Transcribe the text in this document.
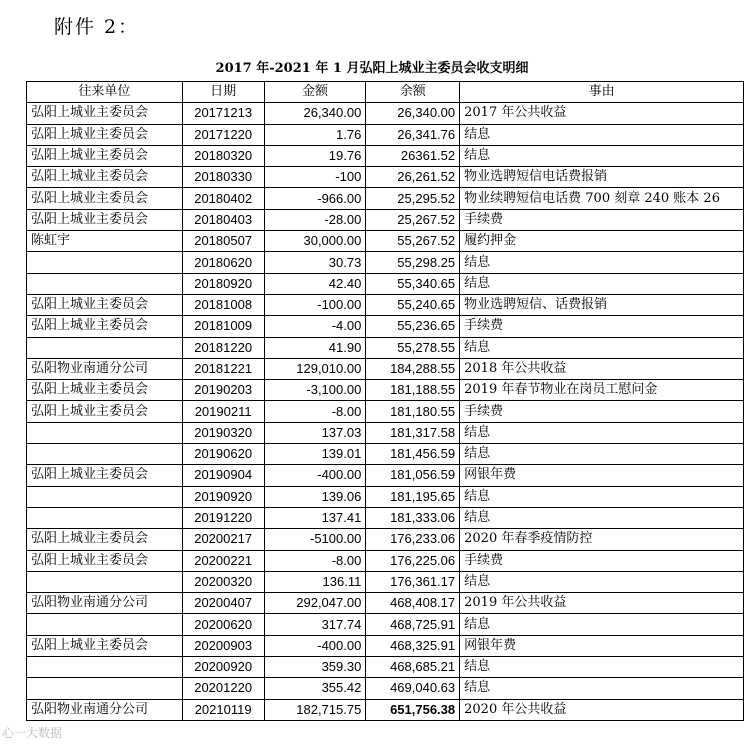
附件 2：
2017 年-2021 年 1 月弘阳上城业主委员会收支明细
往来单位	日期	金额	余额	事由
弘阳上城业主委员会	20171213	26,340.00	26,340.00	2017 年公共收益
弘阳上城业主委员会	20171220	1.76	26,341.76	结息
弘阳上城业主委员会	20180320	19.76	26361.52	结息
弘阳上城业主委员会	20180330	-100	26,261.52	物业选聘短信电话费报销
弘阳上城业主委员会	20180402	-966.00	25,295.52	物业续聘短信电话费 700 刻章 240 账本 26
弘阳上城业主委员会	20180403	-28.00	25,267.52	手续费
陈虹宇	20180507	30,000.00	55,267.52	履约押金
	20180620	30.73	55,298.25	结息
	20180920	42.40	55,340.65	结息
弘阳上城业主委员会	20181008	-100.00	55,240.65	物业选聘短信、话费报销
弘阳上城业主委员会	20181009	-4.00	55,236.65	手续费
	20181220	41.90	55,278.55	结息
弘阳物业南通分公司	20181221	129,010.00	184,288.55	2018 年公共收益
弘阳上城业主委员会	20190203	-3,100.00	181,188.55	2019 年春节物业在岗员工慰问金
弘阳上城业主委员会	20190211	-8.00	181,180.55	手续费
	20190320	137.03	181,317.58	结息
	20190620	139.01	181,456.59	结息
弘阳上城业主委员会	20190904	-400.00	181,056.59	网银年费
	20190920	139.06	181,195.65	结息
	20191220	137.41	181,333.06	结息
弘阳上城业主委员会	20200217	-5100.00	176,233.06	2020 年春季疫情防控
弘阳上城业主委员会	20200221	-8.00	176,225.06	手续费
	20200320	136.11	176,361.17	结息
弘阳物业南通分公司	20200407	292,047.00	468,408.17	2019 年公共收益
	20200620	317.74	468,725.91	结息
弘阳上城业主委员会	20200903	-400.00	468,325.91	网银年费
	20200920	359.30	468,685.21	结息
	20201220	355.42	469,040.63	结息
弘阳物业南通分公司	20210119	182,715.75	651,756.38	2020 年公共收益
心一大数据
